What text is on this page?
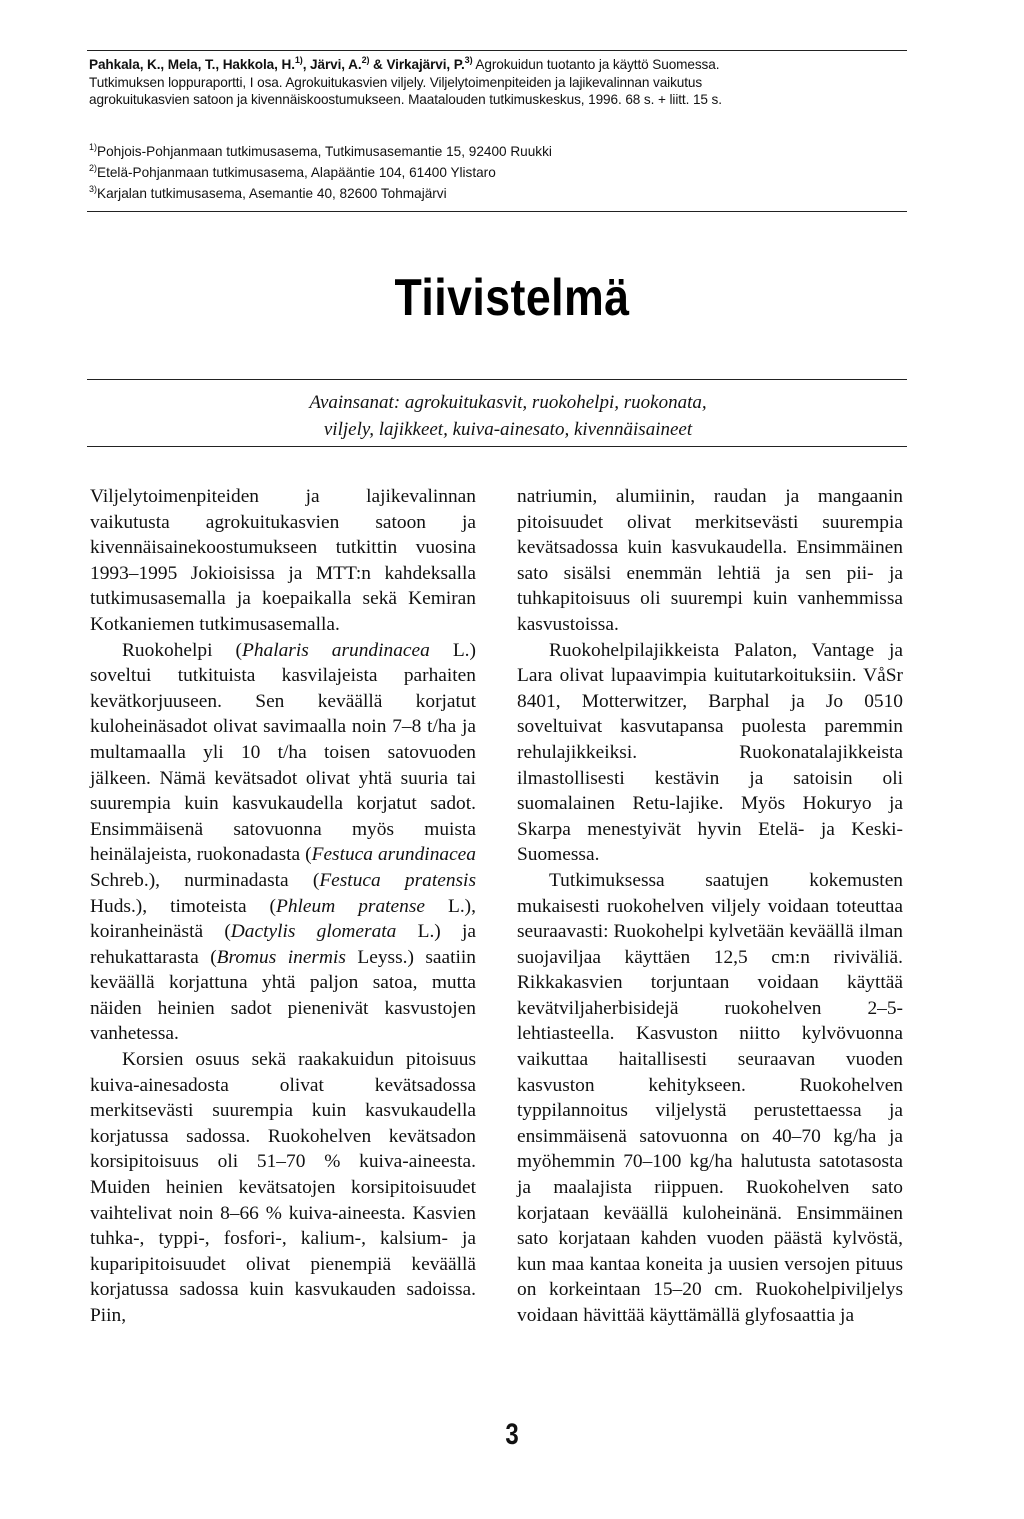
Pahkala, K., Mela, T., Hakkola, H.$^{1)}$, Järvi, A.$^{2)}$ & Virkajärvi, P.$^{3)}$ Agrokuidun tuotanto ja käyttö Suomessa.
Tutkimuksen loppuraportti, I osa. Agrokuitukasvien viljely. Viljelytoimenpiteiden ja lajikevalinnan vaikutus
agrokuitukasvien satoon ja kivennäiskoostumukseen. Maatalouden tutkimuskeskus, 1996. 68 s. + liitt. 15 s.
$^{1)}$Pohjois-Pohjanmaan tutkimusasema, Tutkimusasemantie 15, 92400 Ruukki
$^{2)}$Etelä-Pohjanmaan tutkimusasema, Alapääntie 104, 61400 Ylistaro
$^{3)}$Karjalan tutkimusasema, Asemantie 40, 82600 Tohmajärvi
Tiivistelmä
Avainsanat: agrokuitukasvit, ruokohelpi, ruokonata,
viljely, lajikkeet, kuiva-ainesato, kivennäisaineet

Viljelytoimenpiteiden ja lajikevalinnan vaikutusta agrokuitukasvien satoon ja kivennäisainekoostumukseen tutkittin vuosina 1993–1995 Jokioisissa ja MTT:n kahdeksalla tutkimusasemalla ja koepaikalla sekä Kemiran Kotkaniemen tutkimusasemalla.

Ruokohelpi (Phalaris arundinacea L.) soveltui tutkituista kasvilajeista parhaiten kevätkorjuuseen. Sen keväällä korjatut kuloheinäsadot olivat savimaalla noin 7–8 t/ha ja multamaalla yli 10 t/ha toisen satovuoden jälkeen. Nämä kevätsadot olivat yhtä suuria tai suurempia kuin kasvukaudella korjatut sadot. Ensimmäisenä satovuonna myös muista heinälajeista, ruokonadasta (Festuca arundinacea Schreb.), nurminadasta (Festuca pratensis Huds.), timoteista (Phleum pratense L.), koiranheinästä (Dactylis glomerata L.) ja rehukattarasta (Bromus inermis Leyss.) saatiin keväällä korjattuna yhtä paljon satoa, mutta näiden heinien sadot pienenivät kasvustojen vanhetessa.

Korsien osuus sekä raakakuidun pitoisuus kuiva-ainesadosta olivat kevätsadossa merkitsevästi suurempia kuin kasvukaudella korjatussa sadossa. Ruokohelven kevätsadon korsipitoisuus oli 51–70 % kuiva-aineesta. Muiden heinien kevätsatojen korsipitoisuudet vaihtelivat noin 8–66 % kuiva-aineesta. Kasvien tuhka-, typpi-, fosfori-, kalium-, kalsium- ja kuparipitoisuudet olivat pienempiä keväällä korjatussa sadossa kuin kasvukauden sadoissa. Piin,

natriumin, alumiinin, raudan ja mangaanin pitoisuudet olivat merkitsevästi suurempia kevätsadossa kuin kasvukaudella. Ensimmäinen sato sisälsi enemmän lehtiä ja sen pii- ja tuhkapitoisuus oli suurempi kuin vanhemmissa kasvustoissa.

Ruokohelpilajikkeista Palaton, Vantage ja Lara olivat lupaavimpia kuitutarkoituksiin. VåSr 8401, Motterwitzer, Barphal ja Jo 0510 soveltuivat kasvutapansa puolesta paremmin rehulajikkeiksi. Ruokonatalajikkeista ilmastollisesti kestävin ja satoisin oli suomalainen Retu-lajike. Myös Hokuryo ja Skarpa menestyivät hyvin Etelä- ja Keski-Suomessa.

Tutkimuksessa saatujen kokemusten mukaisesti ruokohelven viljely voidaan toteuttaa seuraavasti: Ruokohelpi kylvetään keväällä ilman suojaviljaa käyttäen 12,5 cm:n riviväliä. Rikkakasvien torjuntaan voidaan käyttää kevätviljaherbisidejä ruokohelven 2–5-lehtiasteella. Kasvuston niitto kylvövuonna vaikuttaa haitallisesti seuraavan vuoden kasvuston kehitykseen. Ruokohelven typpilannoitus viljelystä perustettaessa ja ensimmäisenä satovuonna on 40–70 kg/ha ja myöhemmin 70–100 kg/ha halutusta satotasosta ja maalajista riippuen. Ruokohelven sato korjataan keväällä kuloheinänä. Ensimmäinen sato korjataan kahden vuoden päästä kylvöstä, kun maa kantaa koneita ja uusien versojen pituus on korkeintaan 15–20 cm. Ruokohelpiviljelys voidaan hävittää käyttämällä glyfosaattia ja

3
